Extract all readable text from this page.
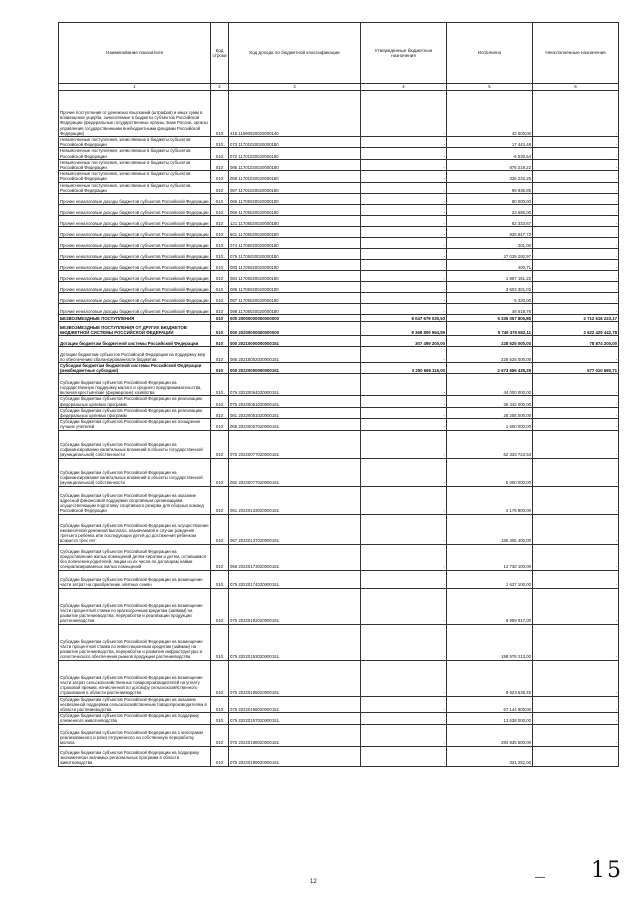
Наименование показателя	Код строки	Код дохода по бюджетной классификации	Утвержденные бюджетные назначения	Исполнено	Неисполненные назначения
1	2	3	4	5	6
Прочие поступления от денежных взысканий (штрафов) и иных сумм в возмещение ущерба, зачисляемые в бюджеты субъектов Российской Федерации (федеральные государственные органы, Банк России, органы управления государственными внебюджетными фондами Российской Федерации)	010	415 11690020020000140	-	42 500,00	-
Невыясненные поступления, зачисляемые в бюджеты субъектов Российской Федерации	010	073 11701020020000180	-	17 443,48	-
Невыясненные поступления, зачисляемые в бюджеты субъектов Российской Федерации	010	072 11701020020000180	-	-6 530,54	-
Невыясненные поступления, зачисляемые в бюджеты субъектов Российской Федерации	010	085 11701020020000180	-	875 219,22	-
Невыясненные поступления, зачисляемые в бюджеты субъектов Российской Федерации	010	098 11701020020000180	-	326 232,25	-
Невыясненные поступления, зачисляемые в бюджеты субъектов Российской Федерации	010	087 11701020020000180	-	99 835,85	-
Прочие неналоговые доходы бюджетов субъектов Российской Федерации	010	065 11705020020000180	-	80 000,00	-
Прочие неналоговые доходы бюджетов субъектов Российской Федерации	010	066 11705020020000180	-	22 686,00	-
Прочие неналоговые доходы бюджетов субъектов Российской Федерации	010	121 11705020020000180	-	62 333,67	-
Прочие неналоговые доходы бюджетов субъектов Российской Федерации	010	601 11705020020000180	-	930 947,72	-
Прочие неналоговые доходы бюджетов субъектов Российской Федерации	010	074 11705020020000180	-	201,00	-
Прочие неналоговые доходы бюджетов субъектов Российской Федерации	010	076 11705020020000180	-	27 039 292,97	-
Прочие неналоговые доходы бюджетов субъектов Российской Федерации	010	083 11705020020000180	-	400,71	-
Прочие неналоговые доходы бюджетов субъектов Российской Федерации	010	084 11705020020000180	-	1 867 161,22	-
Прочие неналоговые доходы бюджетов субъектов Российской Федерации	010	085 11705020020000180	-	3 602 301,02	-
Прочие неналоговые доходы бюджетов субъектов Российской Федерации	010	087 11705020020000180	-	5 320,00	-
Прочие неналоговые доходы бюджетов субъектов Российской Федерации	010	098 11705020020000180	-	48 618,78	-
БЕЗВОЗМЕЗДНЫЕ ПОСТУПЛЕНИЯ	010	000 20000000000000000	8 047 679 030,53	5 335 057 806,86	2 712 616 223,17
БЕЗВОЗМЕЗДНЫЕ ПОСТУПЛЕНИЯ ОТ ДРУГИХ БЮДЖЕТОВ БЮДЖЕТНОЙ СИСТЕМЫ РОССИЙСКОЙ ФЕДЕРАЦИИ	010	000 20200000000000000	8 368 809 994,59	5 746 379 552,11	2 622 429 442,78
Дотации бюджетам бюджетной системы Российской Федерации	010	000 20210000000000151	307 499 200,00	228 625 000,00	78 874 200,00
Дотации бюджетам субъектов Российской Федерации на поддержку мер по обеспечению сбалансированности бюджетов	010	085 20215002020000151	-	228 625 000,00	-
Субсидии бюджетам бюджетной системы Российской Федерации (межбюджетные субсидии)	010	000 20220000000000151	3 250 666 116,00	2 673 656 435,29	577 010 680,71
Субсидии бюджетам субъектов Российской Федерации на государственную поддержку малого и среднего предпринимательства, включая крестьянские (фермерские) хозяйства	010	076 20220064020000151	-	44 000 000,00	-
Субсидии бюджетам субъектов Российской Федерации на реализацию федеральных целевых программ	010	075 20220051020000151	-	36 342 000,00	-
Субсидии бюджетам субъектов Российской Федерации на реализацию федеральных целевых программ	010	081 20220051020000151	-	28 256 000,00	-
Субсидии бюджетам субъектов Российской Федерации на поощрение лучших учителей	010	068 20220067020000151	-	1 500 000,00	-
Субсидии бюджетам субъектов Российской Федерации на софинансирование капитальных вложений в объекты государственной (муниципальной) собственности	010	075 20220077020000151	-	62 333 723,63	-
Субсидии бюджетам субъектов Российской Федерации на софинансирование капитальных вложений в объекты государственной (муниципальной) собственности	010	082 20220077020000151	-	5 000 000,00	-
Субсидии бюджетам субъектов Российской Федерации на оказание адресной финансовой поддержки спортивным организациям, осуществляющим подготовку спортивного резерва для сборных команд Российской Федерации	010	061 20220133020000151	-	2 176 800,00	-
Субсидии бюджетам субъектов Российской Федерации на осуществление ежемесячной денежной выплаты, назначаемой в случае рождения третьего ребенка или последующих детей до достижения ребенком возраста трех лет	010	067 20220137020000151	-	180 305 400,00	-
Субсидии бюджетам субъектов Российской Федерации на предоставление жилых помещений детям-сиротам и детям, оставшимся без попечения родителей, лицам из их числа по договорам найма специализированных жилых помещений	010	068 20220173020000151	-	14 730 100,00	-
Субсидии бюджетам субъектов Российской Федерации на возмещение части затрат на приобретение элитных семян	010	075 20220174020000151	-	1 627 100,00	-
Субсидии бюджетам субъектов Российской Федерации на возмещение части процентной ставки по краткосрочным кредитам (займам) на развитие растениеводства, переработки и реализации продукции растениеводства	010	075 20220192020000151	-	8 959 817,00	-
Субсидии бюджетам субъектов Российской Федерации на возмещение части процентной ставки по инвестиционным кредитам (займам) на развитие растениеводства, переработки и развития инфраструктуры и логистического обеспечения рынков продукции растениеводства	010	075 20220193020000151	-	198 578 213,00	-
Субсидии бюджетам субъектов Российской Федерации на возмещение части затрат сельскохозяйственных товаропроизводителей на уплату страховой премии, начисленной по договору сельскохозяйственного страхования в области растениеводства	010	075 20220195020000151	-	8 623 535,45	-
Субсидии бюджетам субъектов Российской Федерации на оказание несвязанной поддержки сельскохозяйственным товаропроизводителям в области растениеводства	010	075 20220196020000151	-	67 144 800,00	-
Субсидии бюджетам субъектов Российской Федерации на поддержку племенного животноводства	010	075 20220197020000151	-	13 638 000,00	-
Субсидии бюджетам субъектов Российской Федерации на 1 килограмм реализованного и (или) отгруженного на собственную переработку молока	010	075 20220198020000151	-	283 835 500,00	-
Субсидии бюджетам субъектов Российской Федерации на поддержку экономически значимых региональных программ в области животноводства	010	075 20220199020000151	-	321 252,00	-
12	— 15
